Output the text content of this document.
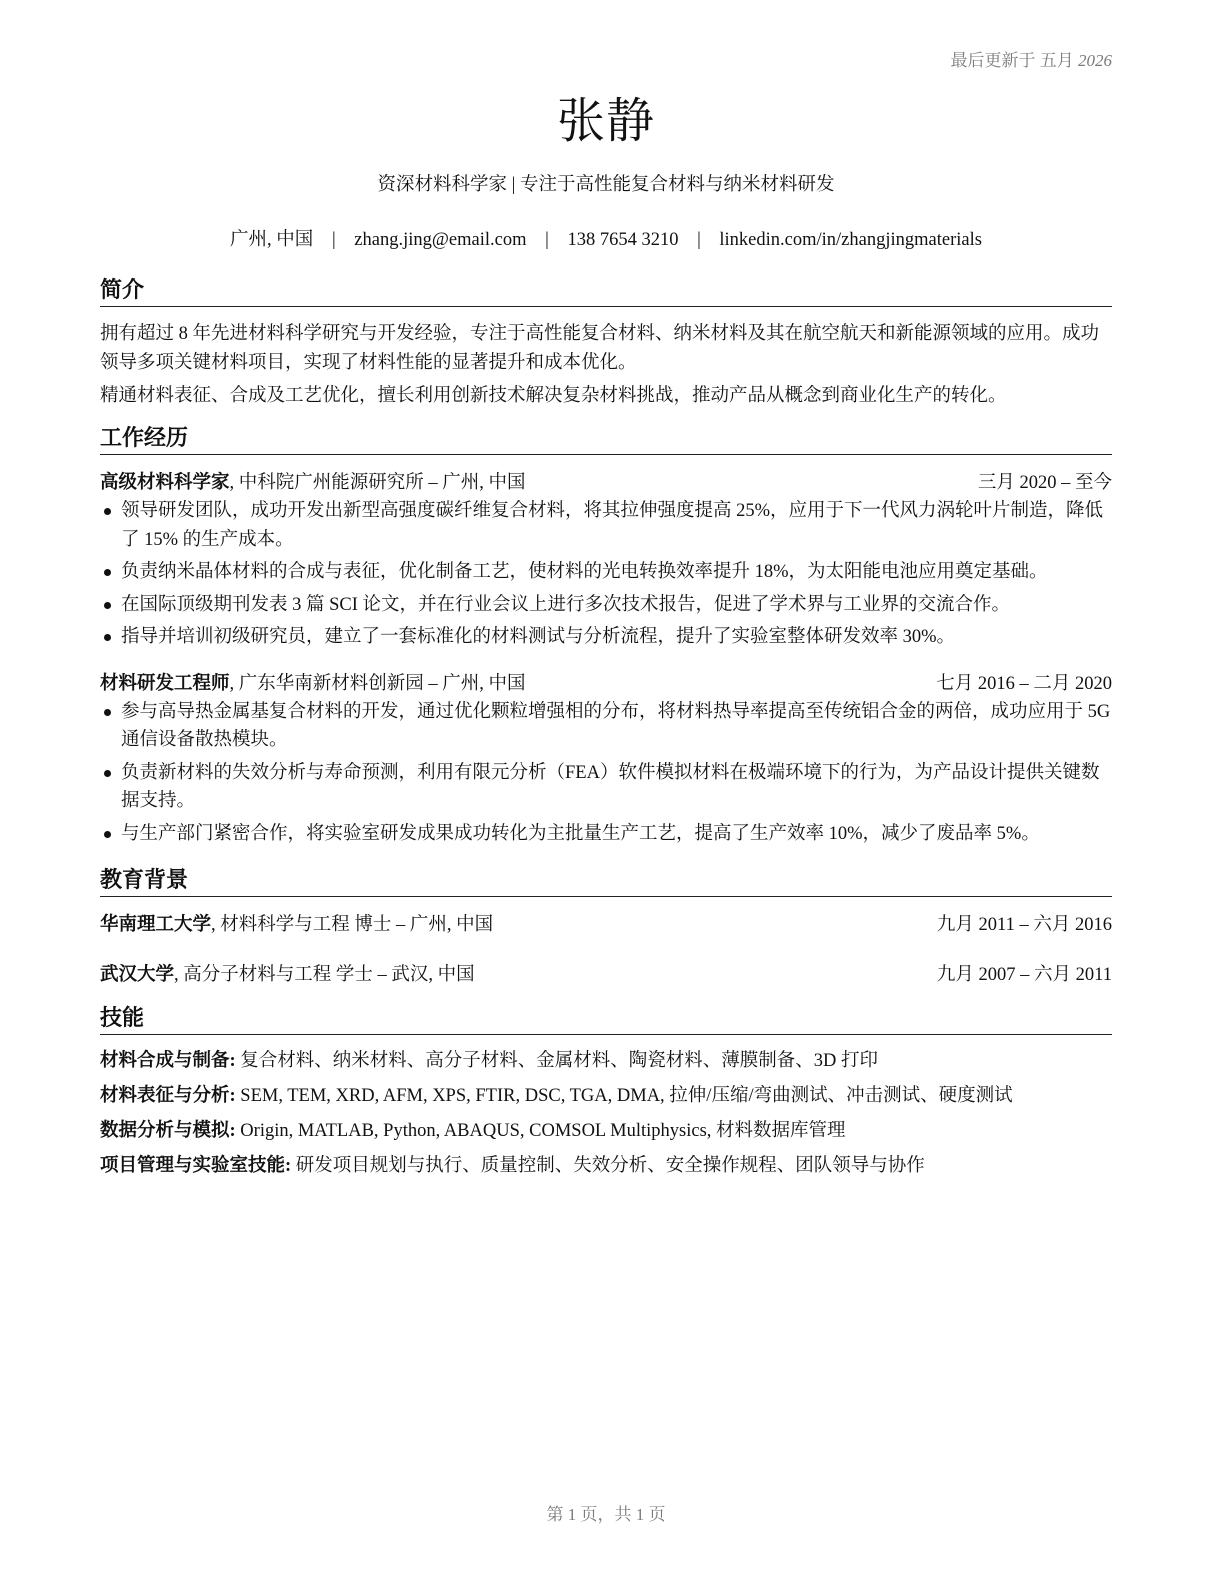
最后更新于 五月 2026
张静
资深材料科学家 | 专注于高性能复合材料与纳米材料研发
广州, 中国 | zhang.jing@email.com | 138 7654 3210 | linkedin.com/in/zhangjingmaterials
简介
拥有超过 8 年先进材料科学研究与开发经验，专注于高性能复合材料、纳米材料及其在航空航天和新能源领域的应用。成功领导多项关键材料项目，实现了材料性能的显著提升和成本优化。
精通材料表征、合成及工艺优化，擅长利用创新技术解决复杂材料挑战，推动产品从概念到商业化生产的转化。
工作经历
高级材料科学家, 中科院广州能源研究所 – 广州, 中国	三月 2020 – 至今
领导研发团队，成功开发出新型高强度碳纤维复合材料，将其拉伸强度提高 25%，应用于下一代风力涡轮叶片制造，降低了 15% 的生产成本。
负责纳米晶体材料的合成与表征，优化制备工艺，使材料的光电转换效率提升 18%，为太阳能电池应用奠定基础。
在国际顶级期刊发表 3 篇 SCI 论文，并在行业会议上进行多次技术报告，促进了学术界与工业界的交流合作。
指导并培训初级研究员，建立了一套标准化的材料测试与分析流程，提升了实验室整体研发效率 30%。
材料研发工程师, 广东华南新材料创新园 – 广州, 中国	七月 2016 – 二月 2020
参与高导热金属基复合材料的开发，通过优化颗粒增强相的分布，将材料热导率提高至传统铝合金的两倍，成功应用于 5G 通信设备散热模块。
负责新材料的失效分析与寿命预测，利用有限元分析（FEA）软件模拟材料在极端环境下的行为，为产品设计提供关键数据支持。
与生产部门紧密合作，将实验室研发成果成功转化为主批量生产工艺，提高了生产效率 10%，减少了废品率 5%。
教育背景
华南理工大学, 材料科学与工程 博士 – 广州, 中国	九月 2011 – 六月 2016
武汉大学, 高分子材料与工程 学士 – 武汉, 中国	九月 2007 – 六月 2011
技能
材料合成与制备: 复合材料、纳米材料、高分子材料、金属材料、陶瓷材料、薄膜制备、3D 打印
材料表征与分析: SEM, TEM, XRD, AFM, XPS, FTIR, DSC, TGA, DMA, 拉伸/压缩/弯曲测试、冲击测试、硬度测试
数据分析与模拟: Origin, MATLAB, Python, ABAQUS, COMSOL Multiphysics, 材料数据库管理
项目管理与实验室技能: 研发项目规划与执行、质量控制、失效分析、安全操作规程、团队领导与协作
第 1 页，共 1 页
